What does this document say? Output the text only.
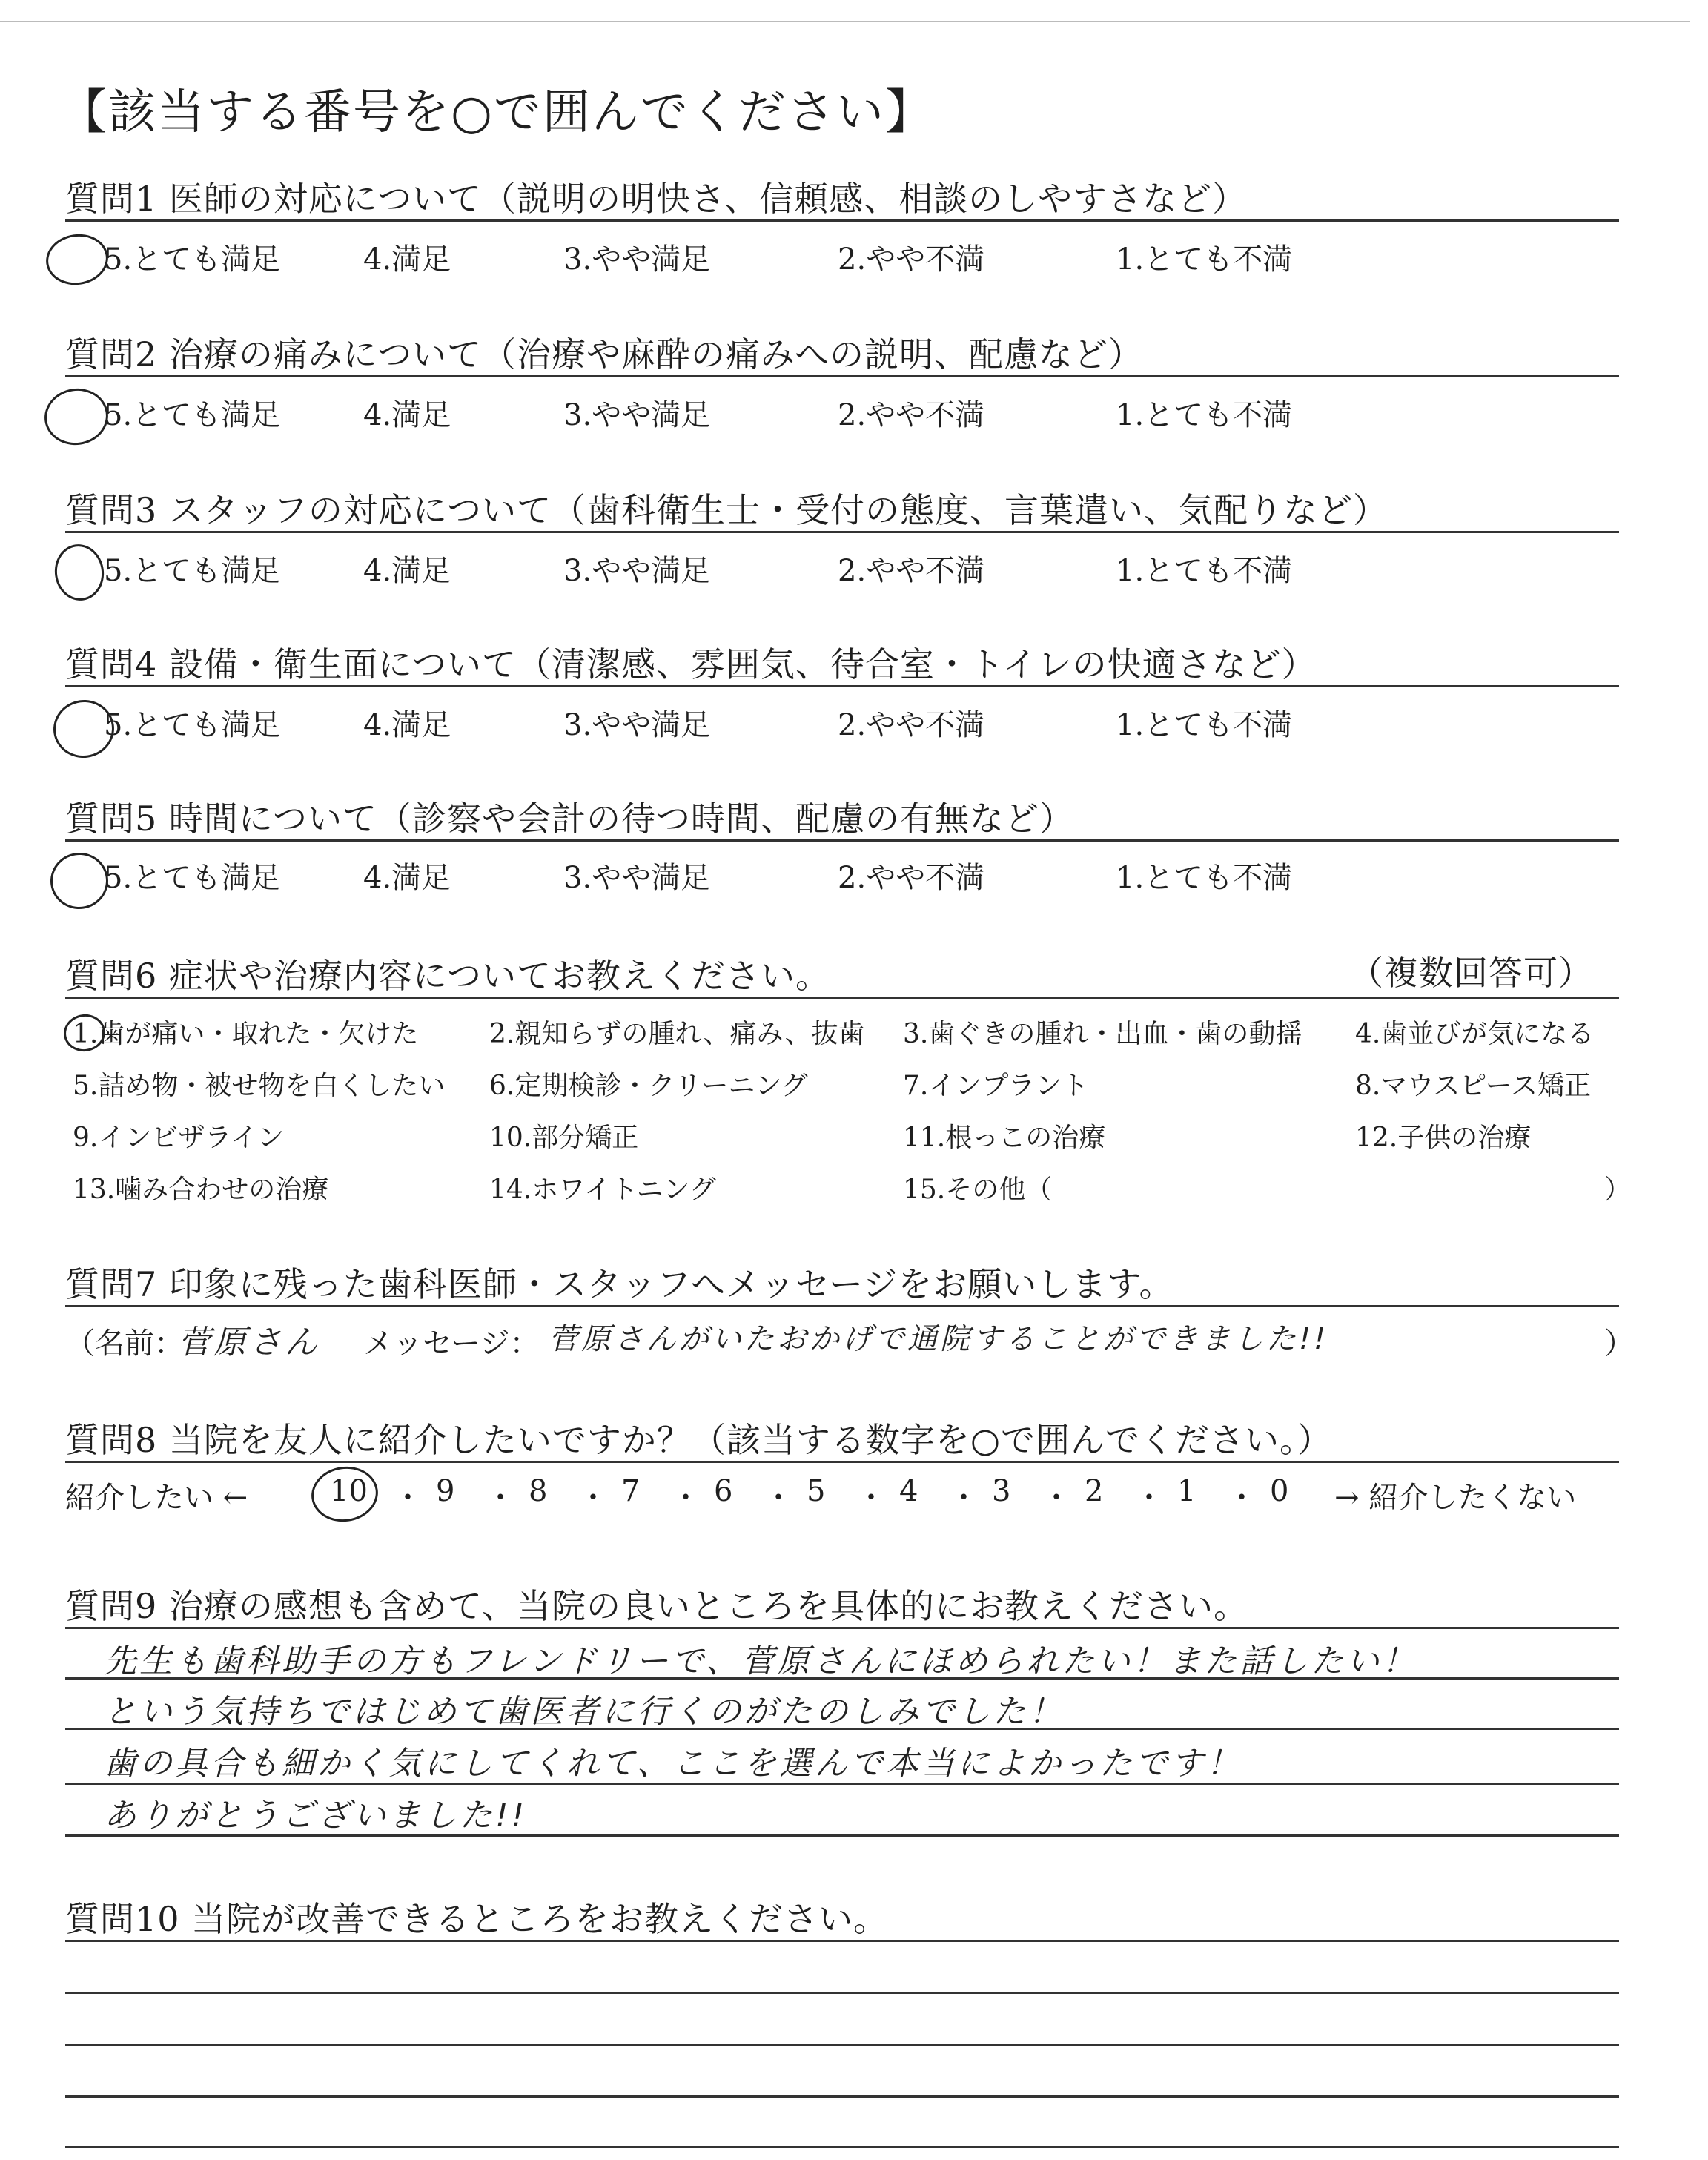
【該当する番号を○で囲んでください】
質問1 医師の対応について（説明の明快さ、信頼感、相談のしやすさなど）
5.とても満足	4.満足	3.やや満足	2.やや不満	1.とても不満
質問2 治療の痛みについて（治療や麻酔の痛みへの説明、配慮など）
5.とても満足	4.満足	3.やや満足	2.やや不満	1.とても不満
質問3 スタッフの対応について（歯科衛生士・受付の態度、言葉遣い、気配りなど）
5.とても満足	4.満足	3.やや満足	2.やや不満	1.とても不満
質問4 設備・衛生面について（清潔感、雰囲気、待合室・トイレの快適さなど）
5.とても満足	4.満足	3.やや満足	2.やや不満	1.とても不満
質問5 時間について（診察や会計の待つ時間、配慮の有無など）
5.とても満足	4.満足	3.やや満足	2.やや不満	1.とても不満
質問6 症状や治療内容についてお教えください。	（複数回答可）
1.歯が痛い・取れた・欠けた	2.親知らずの腫れ、痛み、抜歯 3.歯ぐきの腫れ・出血・歯の動揺 4.歯並びが気になる
5.詰め物・被せ物を白くしたい 6.定期検診・クリーニング	7.インプラント	8.マウスピース矯正
9.インビザライン	10.部分矯正	11.根っこの治療	12.子供の治療
13.噛み合わせの治療	14.ホワイトニング	15.その他（	）
質問7 印象に残った歯科医師・スタッフへメッセージをお願いします。
（名前：
菅原さん メッセージ： 菅原さんがいたおかげで通院することができました!!	）
質問8 当院を友人に紹介したいですか？（該当する数字を○で囲んでください。）
紹介したい ←	10 ・ 9 ・ 8 ・ 7 ・ 6 ・ 5 ・ 4 ・ 3 ・ 2 ・ 1 ・ 0 → 紹介したくない
質問9 治療の感想も含めて、当院の良いところを具体的にお教えください。
先生も歯科助手の方もフレンドリーで、菅原さんにほめられたい！また話したい！
という気持ちではじめて歯医者に行くのがたのしみでした！
歯の具合も細かく気にしてくれて、ここを選んで本当によかったです！
ありがとうございました!!
質問10 当院が改善できるところをお教えください。
